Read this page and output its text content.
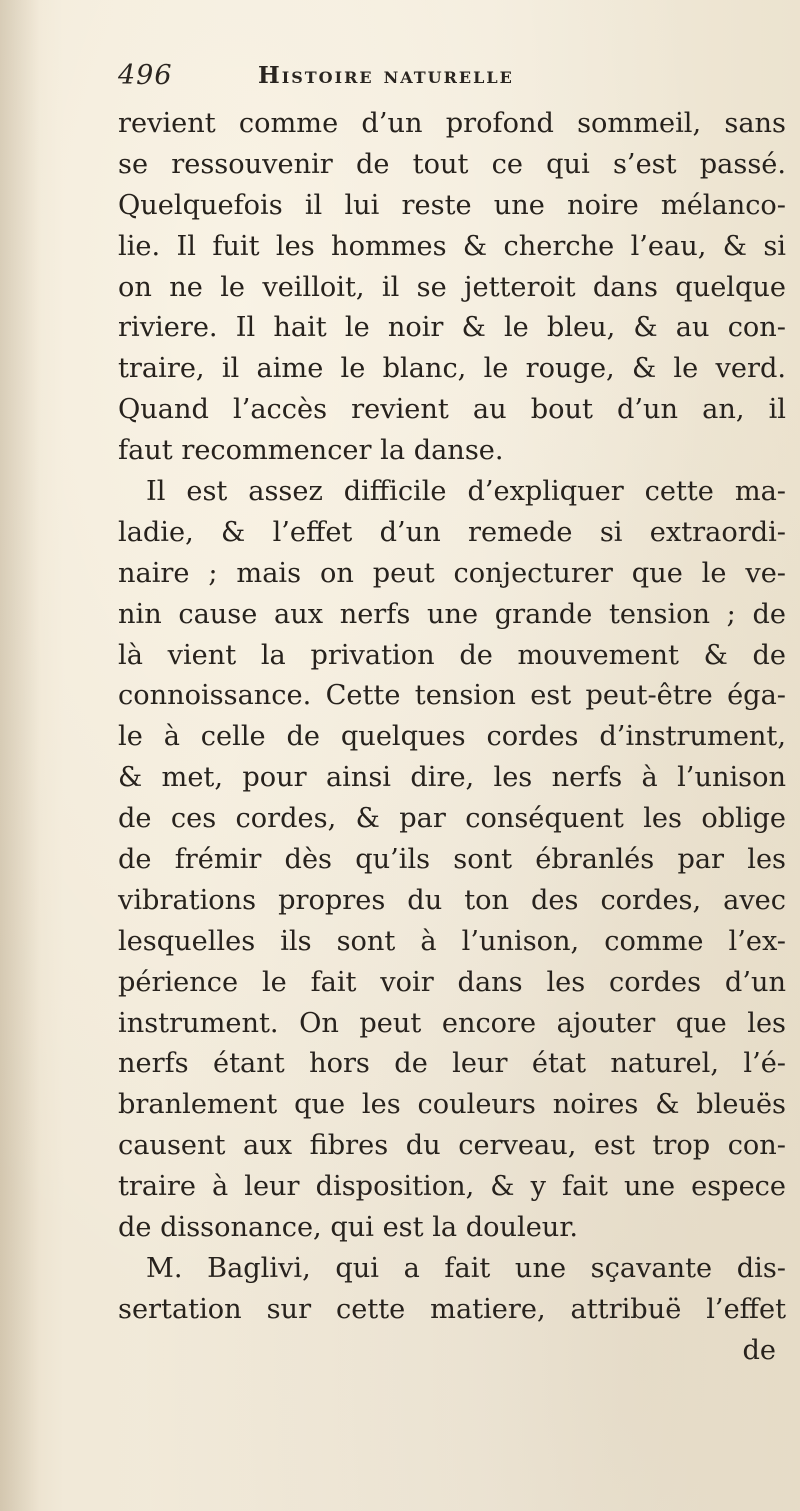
496	Histoire naturelle
revient comme d’un profond sommeil, sans
se ressouvenir de tout ce qui s’est passé.
Quelquefois il lui reste une noire mélanco-
lie. Il fuit les hommes & cherche l’eau, & si
on ne le veilloit, il se jetteroit dans quelque
riviere. Il hait le noir & le bleu, & au con-
traire, il aime le blanc, le rouge, & le verd.
Quand l’accès revient au bout d’un an, il
faut recommencer la danse.
Il est assez difficile d’expliquer cette ma-
ladie, & l’effet d’un remede si extraordi-
naire ; mais on peut conjecturer que le ve-
nin cause aux nerfs une grande tension ; de
là vient la privation de mouvement & de
connoissance. Cette tension est peut-être éga-
le à celle de quelques cordes d’instrument,
& met, pour ainsi dire, les nerfs à l’unison
de ces cordes, & par conséquent les oblige
de frémir dès qu’ils sont ébranlés par les
vibrations propres du ton des cordes, avec
lesquelles ils sont à l’unison, comme l’ex-
périence le fait voir dans les cordes d’un
instrument. On peut encore ajouter que les
nerfs étant hors de leur état naturel, l’é-
branlement que les couleurs noires & bleuës
causent aux fibres du cerveau, est trop con-
traire à leur disposition, & y fait une espece
de dissonance, qui est la douleur.
M. Baglivi, qui a fait une sçavante dis-
sertation sur cette matiere, attribuë l’effet
de
